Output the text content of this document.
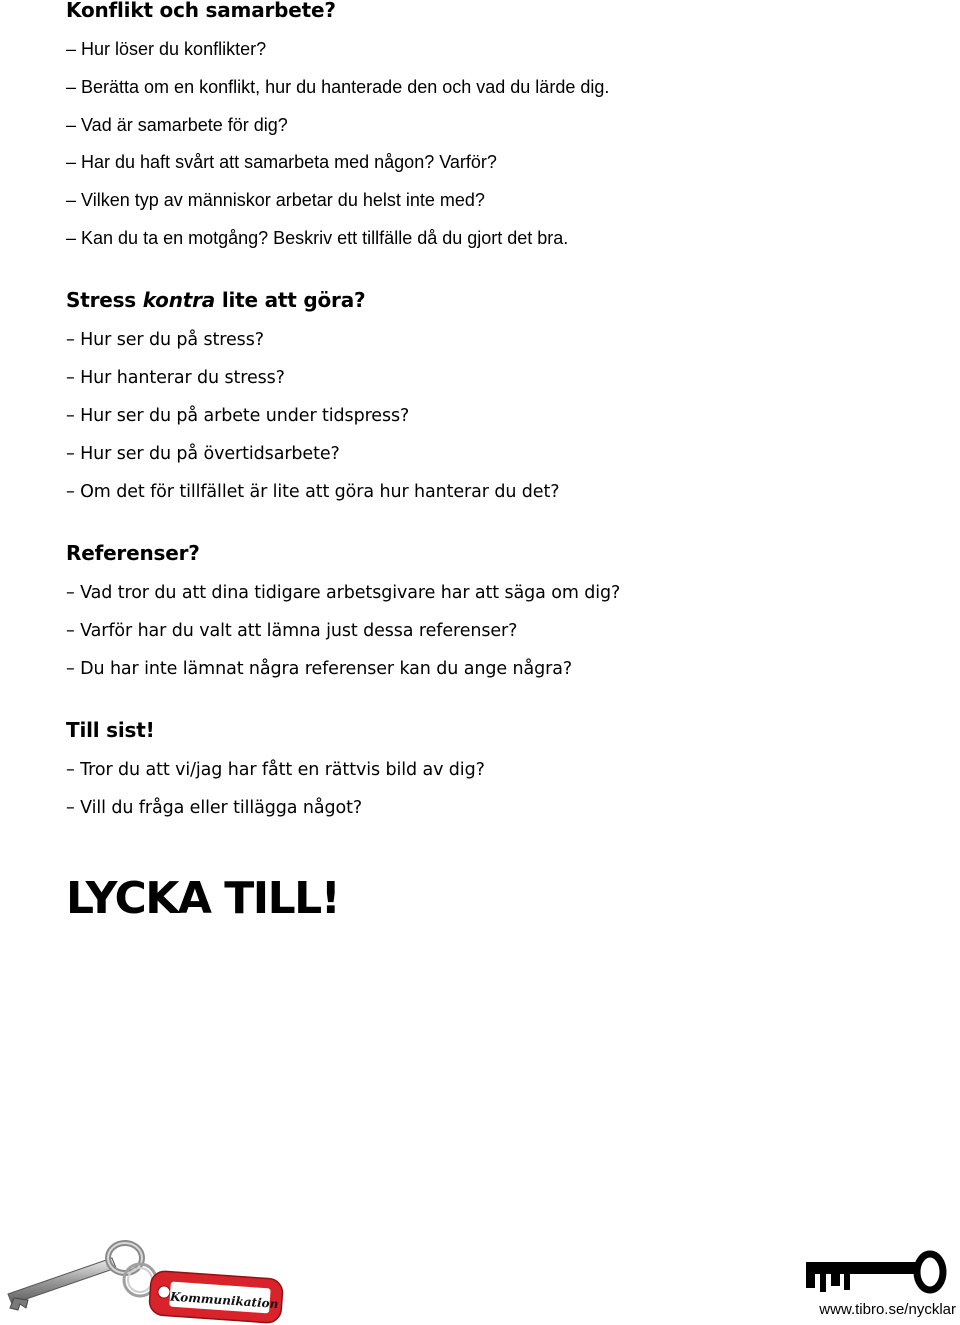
Konflikt och samarbete?

– Hur löser du konflikter?

– Berätta om en konflikt, hur du hanterade den och vad du lärde dig.

– Vad är samarbete för dig?

– Har du haft svårt att samarbeta med någon? Varför?

– Vilken typ av människor arbetar du helst inte med?

– Kan du ta en motgång? Beskriv ett tillfälle då du gjort det bra.

Stress kontra lite att göra?

– Hur ser du på stress?

– Hur hanterar du stress?

– Hur ser du på arbete under tidspress?

– Hur ser du på övertidsarbete?

– Om det för tillfället är lite att göra hur hanterar du det?

Referenser?

– Vad tror du att dina tidigare arbetsgivare har att säga om dig?

– Varför har du valt att lämna just dessa referenser?

– Du har inte lämnat några referenser kan du ange några?

Till sist!

– Tror du att vi/jag har fått en rättvis bild av dig?

– Vill du fråga eller tillägga något?

LYCKA TILL!
Kommunikation	www.tibro.se/nycklar
